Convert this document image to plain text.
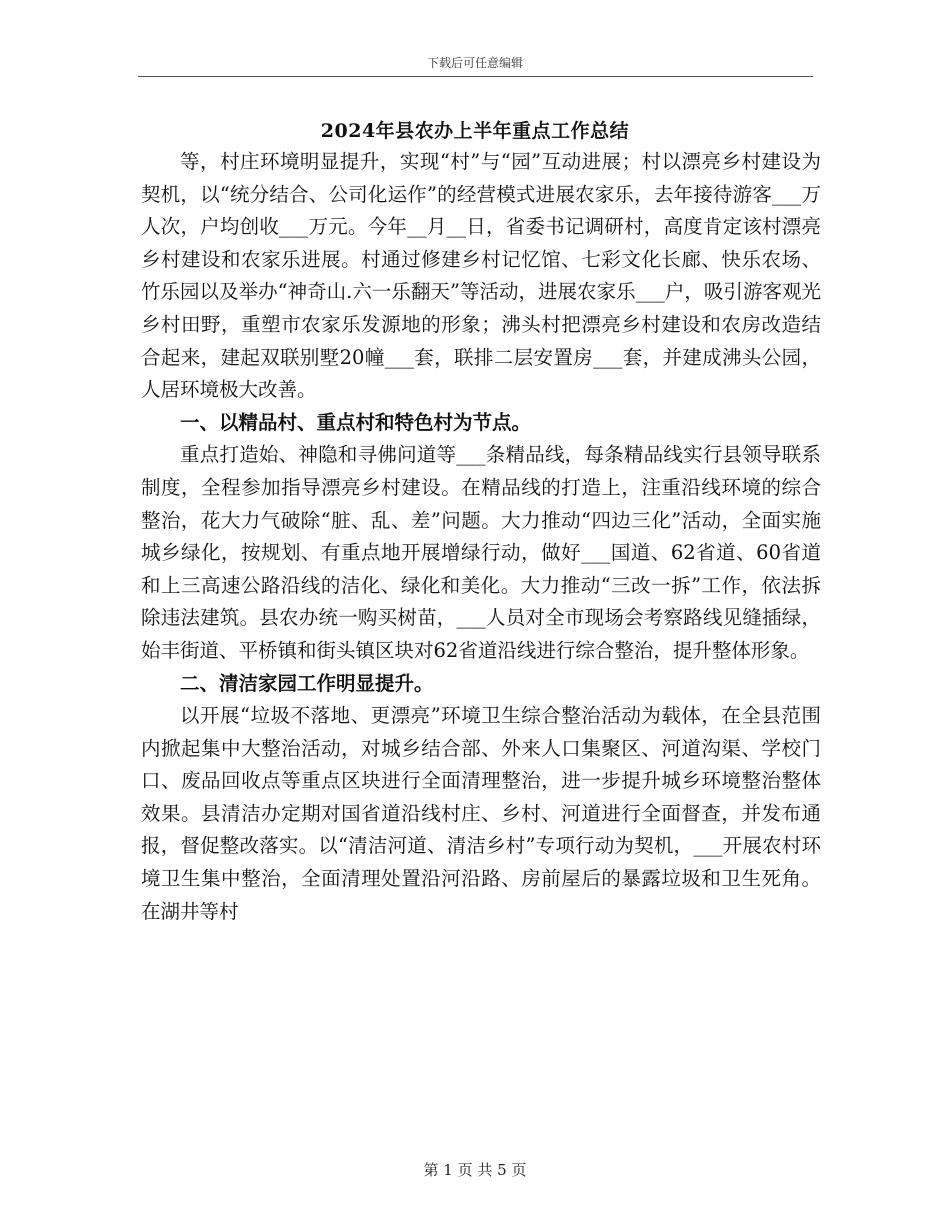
下载后可任意编辑
2024年县农办上半年重点工作总结

等，村庄环境明显提升，实现“村”与“园”互动进展；村以漂亮乡村建设为契机，以“统分结合、公司化运作”的经营模式进展农家乐，去年接待游客___万人次，户均创收___万元。今年__月__日，省委书记调研村，高度肯定该村漂亮乡村建设和农家乐进展。村通过修建乡村记忆馆、七彩文化长廊、快乐农场、竹乐园以及举办“神奇山.六一乐翻天”等活动，进展农家乐___户，吸引游客观光乡村田野，重塑市农家乐发源地的形象；沸头村把漂亮乡村建设和农房改造结合起来，建起双联别墅20幢___套，联排二层安置房___套，并建成沸头公园，人居环境极大改善。

一、以精品村、重点村和特色村为节点。

重点打造始、神隐和寻佛问道等___条精品线，每条精品线实行县领导联系制度，全程参加指导漂亮乡村建设。在精品线的打造上，注重沿线环境的综合整治，花大力气破除“脏、乱、差”问题。大力推动“四边三化”活动，全面实施城乡绿化，按规划、有重点地开展增绿行动，做好___国道、62省道、60省道和上三高速公路沿线的洁化、绿化和美化。大力推动“三改一拆”工作，依法拆除违法建筑。县农办统一购买树苗，___人员对全市现场会考察路线见缝插绿，始丰街道、平桥镇和街头镇区块对62省道沿线进行综合整治，提升整体形象。

二、清洁家园工作明显提升。

以开展“垃圾不落地、更漂亮”环境卫生综合整治活动为载体，在全县范围内掀起集中大整治活动，对城乡结合部、外来人口集聚区、河道沟渠、学校门口、废品回收点等重点区块进行全面清理整治，进一步提升城乡环境整治整体效果。县清洁办定期对国省道沿线村庄、乡村、河道进行全面督查，并发布通报，督促整改落实。以“清洁河道、清洁乡村”专项行动为契机，___开展农村环境卫生集中整治，全面清理处置沿河沿路、房前屋后的暴露垃圾和卫生死角。在湖井等村

第 1 页 共 5 页
